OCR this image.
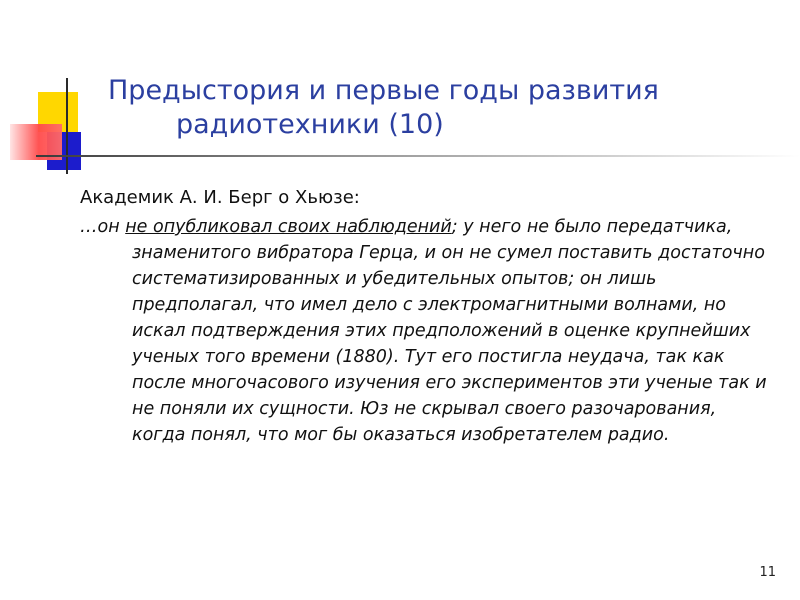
Предыстория и первые годы развития
радиотехники (10)
Академик А. И. Берг о Хьюзе:
…он не опубликовал своих наблюдений; у него не было передатчика, знаменитого вибратора Герца, и он не сумел поставить достаточно систематизированных и убедительных опытов; он лишь предполагал, что имел дело с электромагнитными волнами, но искал подтверждения этих предположений в оценке крупнейших ученых того времени (1880). Тут его постигла неудача, так как после многочасового изучения его экспериментов эти ученые так и не поняли их сущности. Юз не скрывал своего разочарования, когда понял, что мог бы оказаться изобретателем радио.
11
